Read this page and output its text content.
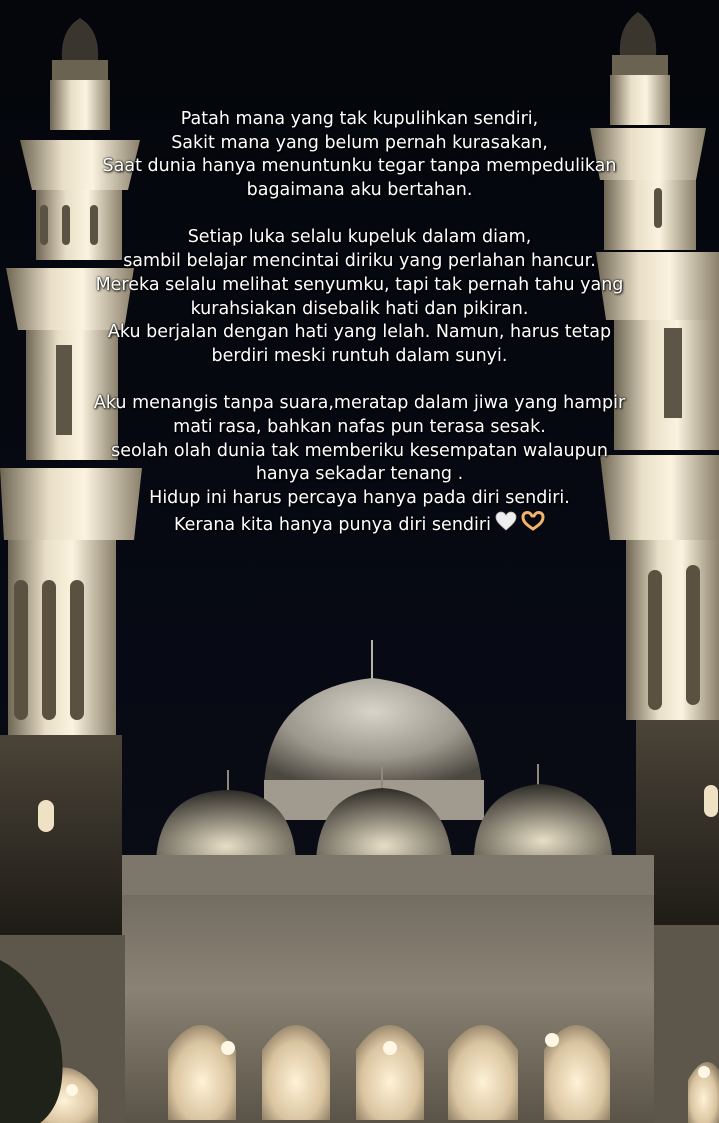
Patah mana yang tak kupulihkan sendiri,
Sakit mana yang belum pernah kurasakan,
Saat dunia hanya menuntunku tegar tanpa mempedulikan
bagaimana aku bertahan.
Setiap luka selalu kupeluk dalam diam,
sambil belajar mencintai diriku yang perlahan hancur.
Mereka selalu melihat senyumku, tapi tak pernah tahu yang
kurahsiakan disebalik hati dan pikiran.
Aku berjalan dengan hati yang lelah. Namun, harus tetap
berdiri meski runtuh dalam sunyi.
Aku menangis tanpa suara,meratap dalam jiwa yang hampir
mati rasa, bahkan nafas pun terasa sesak.
seolah olah dunia tak memberiku kesempatan walaupun
hanya sekadar tenang .
Hidup ini harus percaya hanya pada diri sendiri.
Kerana kita hanya punya diri sendiri
